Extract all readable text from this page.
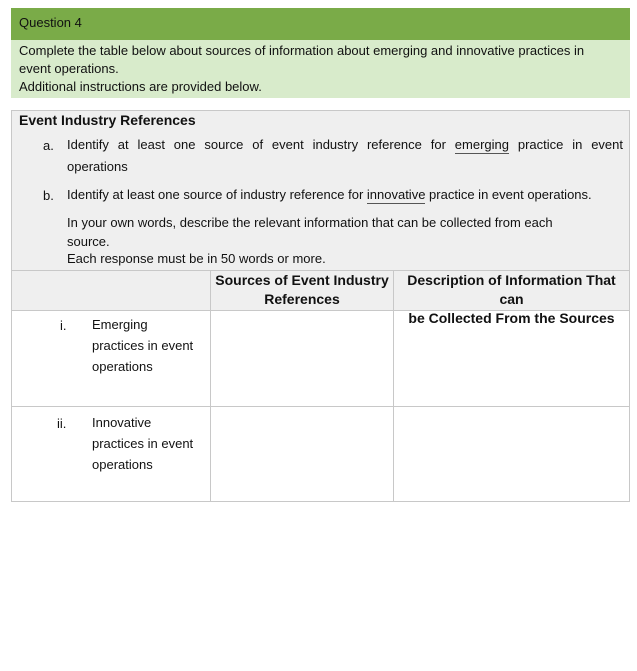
Question 4
Complete the table below about sources of information about emerging and innovative practices in
event operations.
Additional instructions are provided below.
Event Industry References
a. Identify at least one source of event industry reference for emerging practice in event
operations
b. Identify at least one source of industry reference for innovative practice in event operations.
In your own words, describe the relevant information that can be collected from each
source.
Each response must be in 50 words or more.
Sources of Event Industry
References
Description of Information That can
be Collected From the Sources
i. Emerging
practices in event
operations
ii. Innovative
practices in event
operations
